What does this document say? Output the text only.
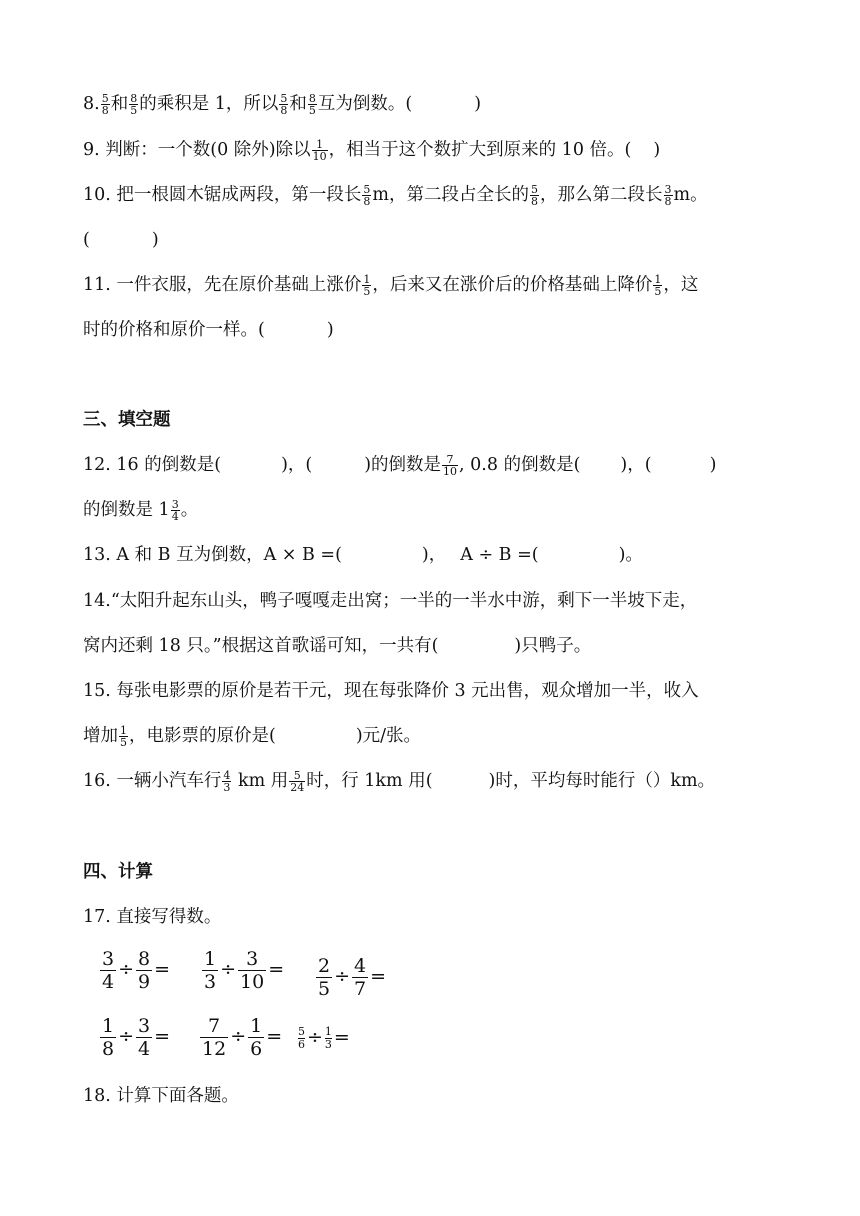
8. $\frac{5}{8}$ 和 $\frac{8}{5}$ 的乘积是 1，所以 $\frac{5}{8}$ 和 $\frac{8}{5}$ 互为倒数。(	)
9. 判断：一个数(0 除外)除以 $\frac{1}{10}$ ，相当于这个数扩大到原来的 10 倍。( )
10. 把一根圆木锯成两段，第一段长 $\frac{5}{8}$ m，第二段占全长的 $\frac{5}{8}$ ，那么第二段长 $\frac{3}{8}$ m。
(	)
11. 一件衣服，先在原价基础上涨价 $\frac{1}{5}$ ，后来又在涨价后的价格基础上降价 $\frac{1}{5}$ ，这
时的价格和原价一样。(	)
三、填空题
12. 16 的倒数是(	)，(	)的倒数是 $\frac{7}{10}$ , 0.8 的倒数是( )，(	)
的倒数是 $1 \frac{3}{4}$ 。
13. A 和 B 互为倒数，A × B =(	)， A ÷ B =(	)。
14.“太阳升起东山头，鸭子嘎嘎走出窝；一半的一半水中游，剩下一半坡下走，
窝内还剩 18 只。”根据这首歌谣可知，一共有(	)只鸭子。
15. 每张电影票的原价是若干元，现在每张降价 3 元出售，观众增加一半，收入
增加 $\frac{1}{5}$ ，电影票的原价是(	)元/张。
16. 一辆小汽车行 $\frac{4}{3}$ km 用 $\frac{5}{24}$ 时，行 1km 用(	)时，平均每时能行（）km。
四、计算
17. 直接写得数。
$\frac{3}{4} \div \frac{8}{9} = \frac{1}{3} \div \frac{3}{10} = \frac{2}{5} \div \frac{4}{7}$ =
$\frac{1}{8} \div \frac{3}{4} = \frac{7}{12} \div \frac{1}{6} = \frac{5}{6} \div \frac{1}{3}$ =
18. 计算下面各题。
